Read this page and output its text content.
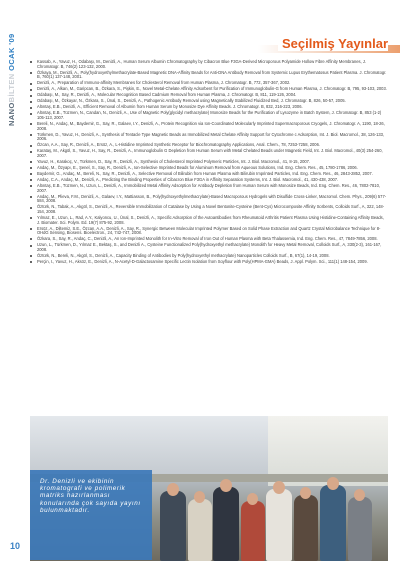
NANOBİLTEN OCAK '09	Seçilmiş Yayınlar
Kassab, A., Yavuz, H., Odabaşı, M., Denizli, A., Human Serum Albumin Chromatography by Cibacron Blue F3GA-Derived Microporous Polyamide Hollow Fibre Affinity Membranes, J. Chromatogr. B, 746(2) 123-132, 2000.
Özkaya, M., Denizli, A., Poly(hydroxyethylmethacrylate-Based Magnetic DNA-Affinity Beads for Anti-DNA Antibody Removal from Systemic Lupus Erythematosus Patient Plasma. J. Chromatogr. B, 760(1) 137-148, 2001.
Denizli, A., Preparation of Immuno-affinity Membranes for Cholesterol Removal from Human Plasma, J. Chromatogr. B, 772, 357-367, 2002.
Denizli, A., Alkan, M., Garipcan, B., Özkara, S., Pişkin, E., Novel Metal-Chelate Affinity Adsorbent for Purification of Immunoglobulin-G from Human Plasma, J. Chromatogr. B, 795, 93-103, 2003.
Odabaşı, M., Say, R., Denizli, A., Molecular Recognition Based Cadmium Removal from Human Plasma, J. Chromatogr. B, 811, 119-126, 2004.
Odabaşı, M., Özkayar, N., Özkara, S., Ünal, S., Denizli, A., Pathogenic Antibody Removal using Magnetically Stabilized Fluidized Bed, J. Chromatogr. B, 826, 50-57, 2005.
Altıntaş, E.B., Denizli, A., Efficient Removal of Albumin from Human Serum by Monosize Dye Affinity Beads. J. Chromatogr. B, 832, 216-223, 2006.
Altıntaş, E.B., Tüzmen, N., Candan, N., Denizli, A., Use of Magnetic Poly(glycidyl methacrylate) Monosize Beads for the Purification of Lysozyme in Batch System, J. Chromatogr. B, 853 (1-2) 105-113, 2007.
Bereli, N., Andaç, M., Baydemir, G., Say, R., Galaev, I.Y., Denizli, A., Protein Recognition via Ion-Coordinated Molecularly Imprinted Supermacroporous Cryogels, J. Chromatogr. A, 1190, 18-26, 2008.
Türkmen, D., Yavuz, H., Denizli, A., Synthesis of Tentacle Type Magnetic Beads as Immobilized Metal Chelate Affinity Support for Cytochrome c Adsorption, Int. J. Biol. Macromol., 38, 126-133, 2006.
Özcan, A.A., Say, R., Denizli, A., Ersöz, A., L-Histidine Imprinted Synthetic Receptor for Biochromatography Applications, Anal. Chem., 78, 7253-7258, 2006.
Karataş, M., Akgöl, S., Yavuz, H., Say, R., Denizli, A., Immunoglobulin G Depletion from Human Serum with Metal Chelated Beads under Magnetic Field, Int. J. Biol. Macromol., 40(3) 254-260, 2007.
Yavuz, H., Karakoç, V., Türkmen, D., Say, R., Denizli, A., Synthesis of Cholesterol Imprinted Polymeric Particles, Int. J. Biol. Macromol., 41, 8-15, 2007.
Andaç, M., Özyapı, E., Şenel, S., Say, R., Denizli, A., Ion-Selective Imprinted Beads for Aluminum Removal from Aqueous Solutions, Ind. Eng. Chem. Res., 45, 1780-1786, 2006.
Baydemir, G., Andaç, M., Bereli, N., Say, R., Denizli, A., Selective Removal of Bilirubin from Human Plasma with Bilirubin Imprinted Particles, Ind. Eng. Chem. Res., 46, 2843-2852, 2007.
Andaç, C.A., Andaç, M., Denizli, A., Predicting the Binding Properties of Cibacron Blue F3GA in Affinity Separation Systems, Int. J. Biol. Macromol., 41, 430-438, 2007.
Altıntaş, E.B., Tüzmen, N., Uzun, L., Denizli, A., Immobilized Metal Affinity Adsorption for Antibody Depletion from Human Serum with Monosize Beads, Ind. Eng. Chem. Res., 46, 7802-7810, 2007.
Andaç, M., Plieva, F.M., Denizli, A., Galaev, I.Y., Mattiasson, B., Poly(hydroxyethylmethacrylate)-Based Macroporous Hydrogels with Disulfide Cross-Linker, Macromol. Chem. Phys., 209(6) 577-584, 2008.
Öztürk, N., Tabak, A., Akgöl, S., Denizli, A., Reversible Immobilization of Catalase by Using a Novel Bentonite-Cysteine (Bent-Cys) Microcomposite Affinity Sorbents, Colloids Surf., A, 322, 148-154, 2008.
Yılmaz, E., Uzun, L., Rad, A.Y., Kalyoncu, U., Ünal, S., Denizli, A., Specific Adsorption of the Autoantibodies from Rheumatoid Arthritis Patient Plasma Using Histidine-Containing Affinity Beads, J. Biomater. Sci. Polym. Ed. 19(7) 875-92, 2008.
Ersöz, A., Diltemiz, S.E., Özcan, A.A., Denizli, A., Say, R., Synergic Between Molecular Imprinted Polymer Based on Solid Phase Extraction and Quartz Crystal Microbalance Technique for 8-OHdG Sensing, Biosens. Bioelectron., 24, 742-747, 2008.
Özkara, S., Say, R., Andaç, C., Denizli, A., An Ion-Imprinted Monolith for In-Vitro Removal of Iron Out of Human Plasma with Beta Thalassemia, Ind. Eng. Chem. Res., 47, 7849-7856, 2008.
Uzun, L., Türkmen, D., Yılmaz E., Bektaş, S., and Denizli A., Cysteine Functionalized Poly(hydroxyethyl methacrylate) Monolith for Heavy Metal Removal, Colloids Surf., A, 330(2-3), 161-167, 2008.
Öztürk, N., Bereli, N., Akgöl, S., Denizli, A., Capacity Binding of Antibodies by Poly(hydroxyethyl methacrylate) Nanoparticles Colloids Surf., B, 67(1), 14-19, 2008.
Perçin, I., Yavuz, H., Aksöz, E., Denizli, A., N-Acetyl-D-Galactosamine Specific Lectin Isolation from Soyflour with Poly(HPMA-GMA) Beads, J. Appl. Polym. Sci., 111(1) 148-154, 2009.
Dr. Denizli ve ekibinin kromatografi ve polimerik matriks hazırlanması konularında çok sayıda yayını bulunmaktadır.
10
